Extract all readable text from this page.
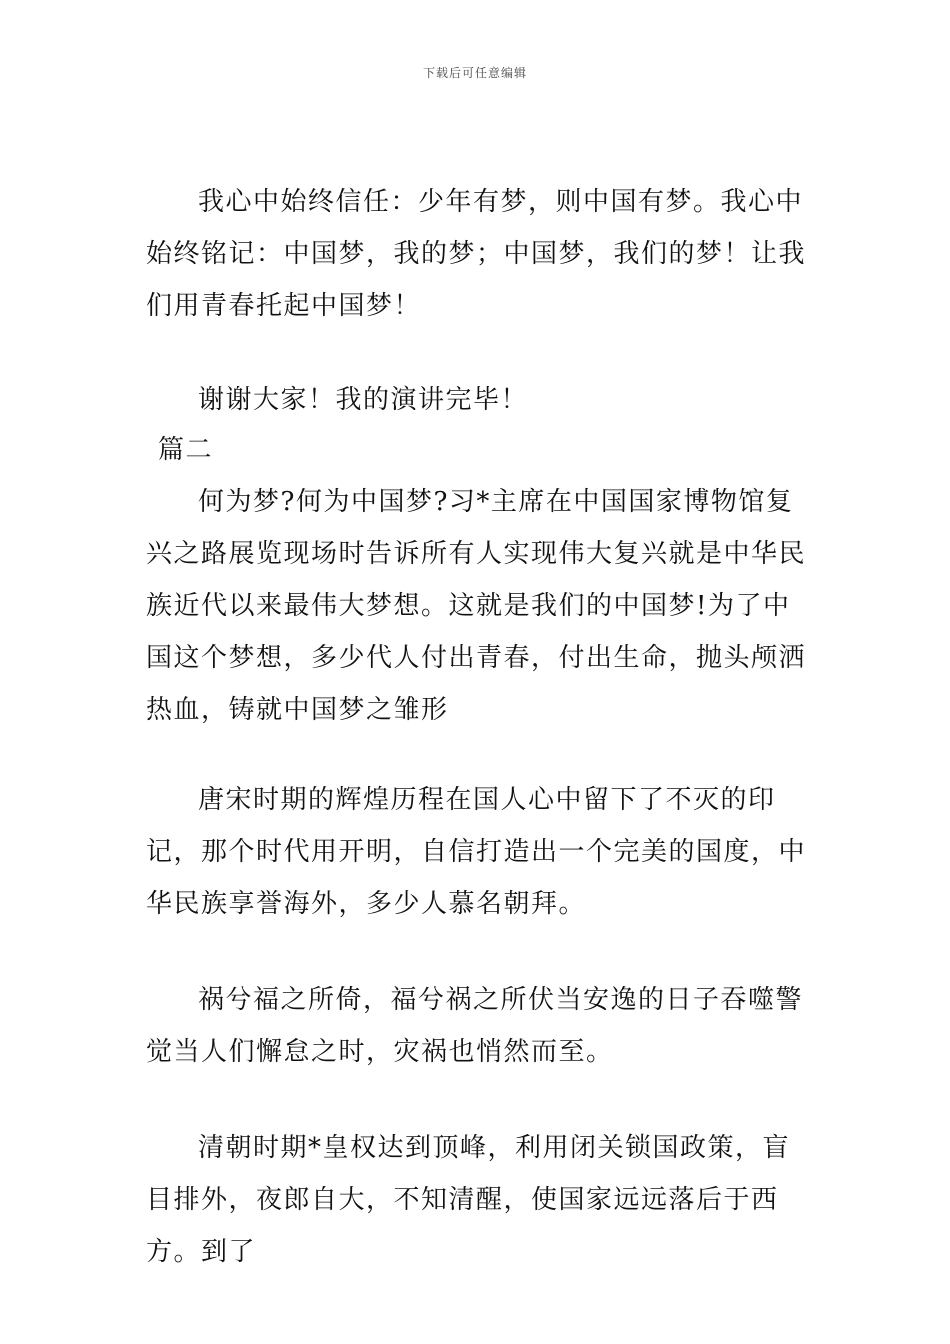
下载后可任意编辑

我心中始终信任：少年有梦，则中国有梦。我心中始终铭记：中国梦，我的梦；中国梦，我们的梦！让我们用青春托起中国梦！

谢谢大家！我的演讲完毕！

篇二

何为梦?何为中国梦?习*主席在中国国家博物馆复兴之路展览现场时告诉所有人实现伟大复兴就是中华民族近代以来最伟大梦想。这就是我们的中国梦!为了中国这个梦想，多少代人付出青春，付出生命，抛头颅洒热血，铸就中国梦之雏形

唐宋时期的辉煌历程在国人心中留下了不灭的印记，那个时代用开明，自信打造出一个完美的国度，中华民族享誉海外，多少人慕名朝拜。

祸兮福之所倚，福兮祸之所伏当安逸的日子吞噬警觉当人们懈怠之时，灾祸也悄然而至。

清朝时期*皇权达到顶峰，利用闭关锁国政策，盲目排外，夜郎自大，不知清醒，使国家远远落后于西方。到了
